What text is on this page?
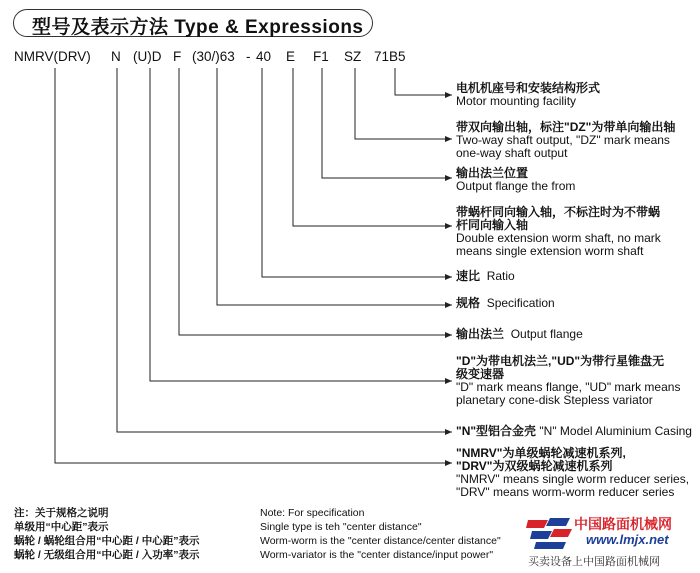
型号及表示方法 Type & Expressions
NMRV(DRV) N (U)D F (30/)63 - 40 E F1 SZ 71B5
电机机座号和安装结构形式
Motor mounting facility
带双向输出轴，标注"DZ"为带单向输出轴
Two-way shaft output, "DZ" mark means
one-way shaft output
输出法兰位置
Output flange the from
带蜗杆同向输入轴，不标注时为不带蜗
杆同向输入轴
Double extension worm shaft, no mark
means single extension worm shaft
速比 Ratio
规格 Specification
输出法兰 Output flange
"D"为带电机法兰,"UD"为带行星锥盘无
级变速器
"D" mark means flange, "UD" mark means
planetary cone-disk Stepless variator
"N"型铝合金壳 "N" Model Aluminium Casing
"NMRV"为单级蜗轮减速机系列,
"DRV"为双级蜗轮减速机系列
"NMRV" means single worm reducer series,
"DRV" means worm-worm reducer series
注：关于规格之说明
单级用“中心距”表示
蜗轮 / 蜗轮组合用“中心距 / 中心距”表示
蜗轮 / 无级组合用“中心距 / 入功率”表示
Note: For specification
Single type is teh "center distance"
Worm-worm is the "center distance/center distance"
Worm-variator is the "center distance/input power"
中国路面机械网
www.lmjx.net
买卖设备上中国路面机械网
